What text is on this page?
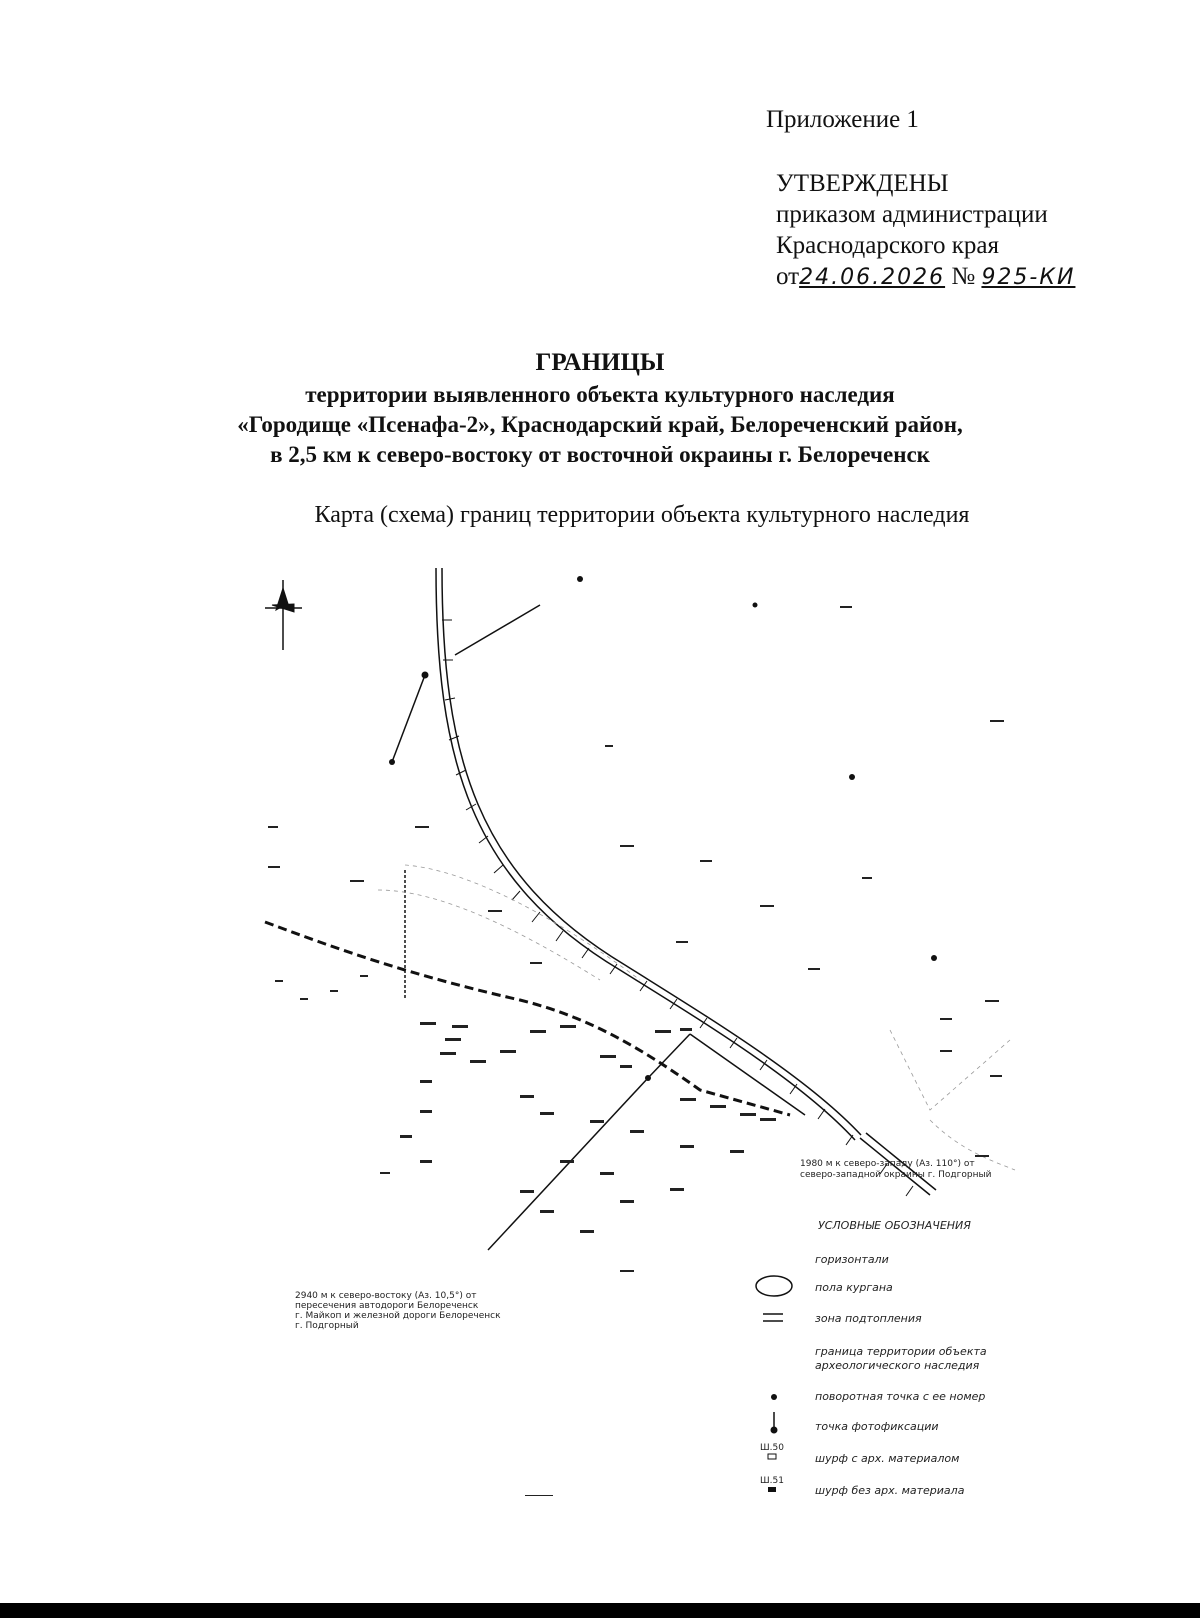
Приложение 1
УТВЕРЖДЕНЫ
приказом администрации
Краснодарского края
от24.06.2026 № 925-КИ
ГРАНИЦЫ
территории выявленного объекта культурного наследия
«Городище «Псенафа-2», Краснодарский край, Белореченский район,
в 2,5 км к северо-востоку от восточной окраины г. Белореченск
Карта (схема) границ территории объекта культурного наследия
1980 м к северо-западу (Аз. 110°) от
северо-западной окраины г. Подгорный
2940 м к северо-востоку (Аз. 10,5°) от
пересечения автодороги Белореченск
г. Майкоп и железной дороги Белореченск
г. Подгорный
УСЛОВНЫЕ ОБОЗНАЧЕНИЯ
горизонтали
пола кургана
зона подтопления
граница территории объекта
археологического наследия
поворотная точка с ее номер
точка фотофиксации
Ш.50
шурф с арх. материалом
Ш.51
шурф без арх. материала
